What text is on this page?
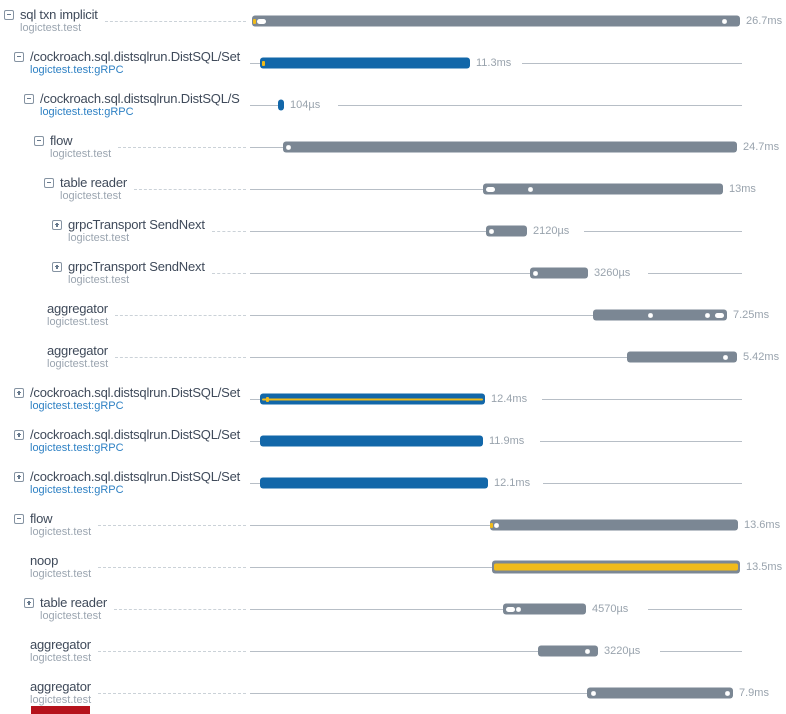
sql txn implicit
logictest.test
26.7ms
/cockroach.sql.distsqlrun.DistSQL/Set
logictest.test:gRPC
11.3ms
/cockroach.sql.distsqlrun.DistSQL/S
logictest.test:gRPC
104µs
flow
logictest.test
24.7ms
table reader
logictest.test
13ms
grpcTransport SendNext
logictest.test
2120µs
grpcTransport SendNext
logictest.test
3260µs
aggregator
logictest.test
7.25ms
aggregator
logictest.test
5.42ms
/cockroach.sql.distsqlrun.DistSQL/Set
logictest.test:gRPC
12.4ms
/cockroach.sql.distsqlrun.DistSQL/Set
logictest.test:gRPC
11.9ms
/cockroach.sql.distsqlrun.DistSQL/Set
logictest.test:gRPC
12.1ms
flow
logictest.test
13.6ms
noop
logictest.test
13.5ms
table reader
logictest.test
4570µs
aggregator
logictest.test
3220µs
aggregator
logictest.test
7.9ms
